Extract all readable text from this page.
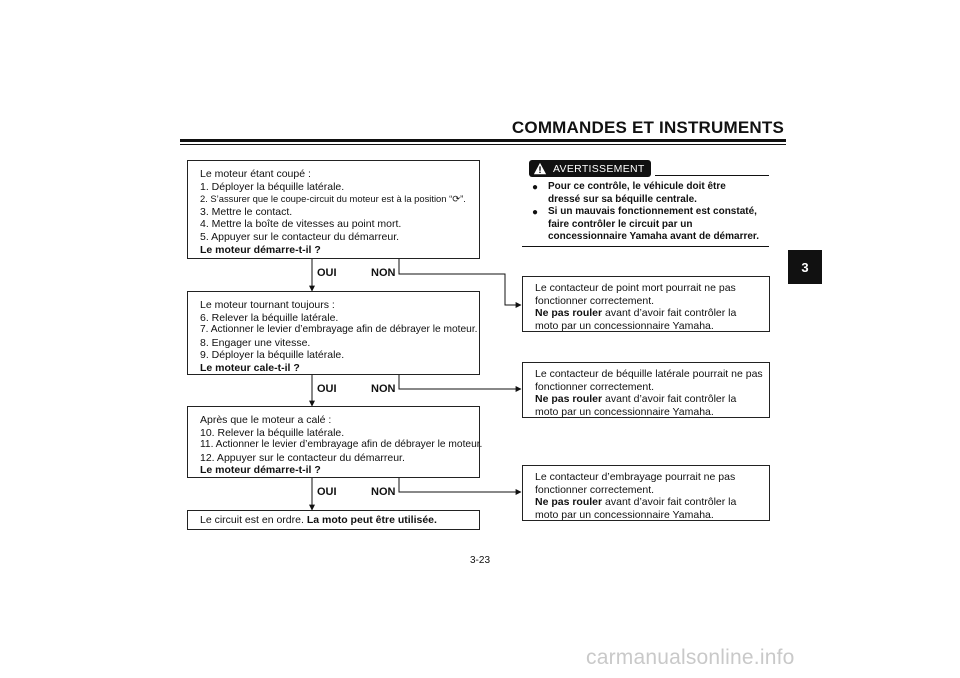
COMMANDES ET INSTRUMENTS
3
Le moteur étant coupé :
1. Déployer la béquille latérale.
2. S’assurer que le coupe-circuit du moteur est à la position “⟳”.
3. Mettre le contact.
4. Mettre la boîte de vitesses au point mort.
5. Appuyer sur le contacteur du démarreur.
Le moteur démarre-t-il ?
Le moteur tournant toujours :
6. Relever la béquille latérale.
7. Actionner le levier d’embrayage afin de débrayer le moteur.
8. Engager une vitesse.
9. Déployer la béquille latérale.
Le moteur cale-t-il ?
Après que le moteur a calé :
10. Relever la béquille latérale.
11. Actionner le levier d’embrayage afin de débrayer le moteur.
12. Appuyer sur le contacteur du démarreur.
Le moteur démarre-t-il ?
OUI	NON
OUI	NON
OUI	NON
Le circuit est en ordre. La moto peut être utilisée.
AVERTISSEMENT
● Pour ce contrôle, le véhicule doit être
dressé sur sa béquille centrale.
● Si un mauvais fonctionnement est constaté,
faire contrôler le circuit par un
concessionnaire Yamaha avant de démarrer.
Le contacteur de point mort pourrait ne pas
fonctionner correctement.
Ne pas rouler avant d’avoir fait contrôler la
moto par un concessionnaire Yamaha.
Le contacteur de béquille latérale pourrait ne pas
fonctionner correctement.
Ne pas rouler avant d’avoir fait contrôler la
moto par un concessionnaire Yamaha.
Le contacteur d’embrayage pourrait ne pas
fonctionner correctement.
Ne pas rouler avant d’avoir fait contrôler la
moto par un concessionnaire Yamaha.
3-23
carmanualsonline.info
